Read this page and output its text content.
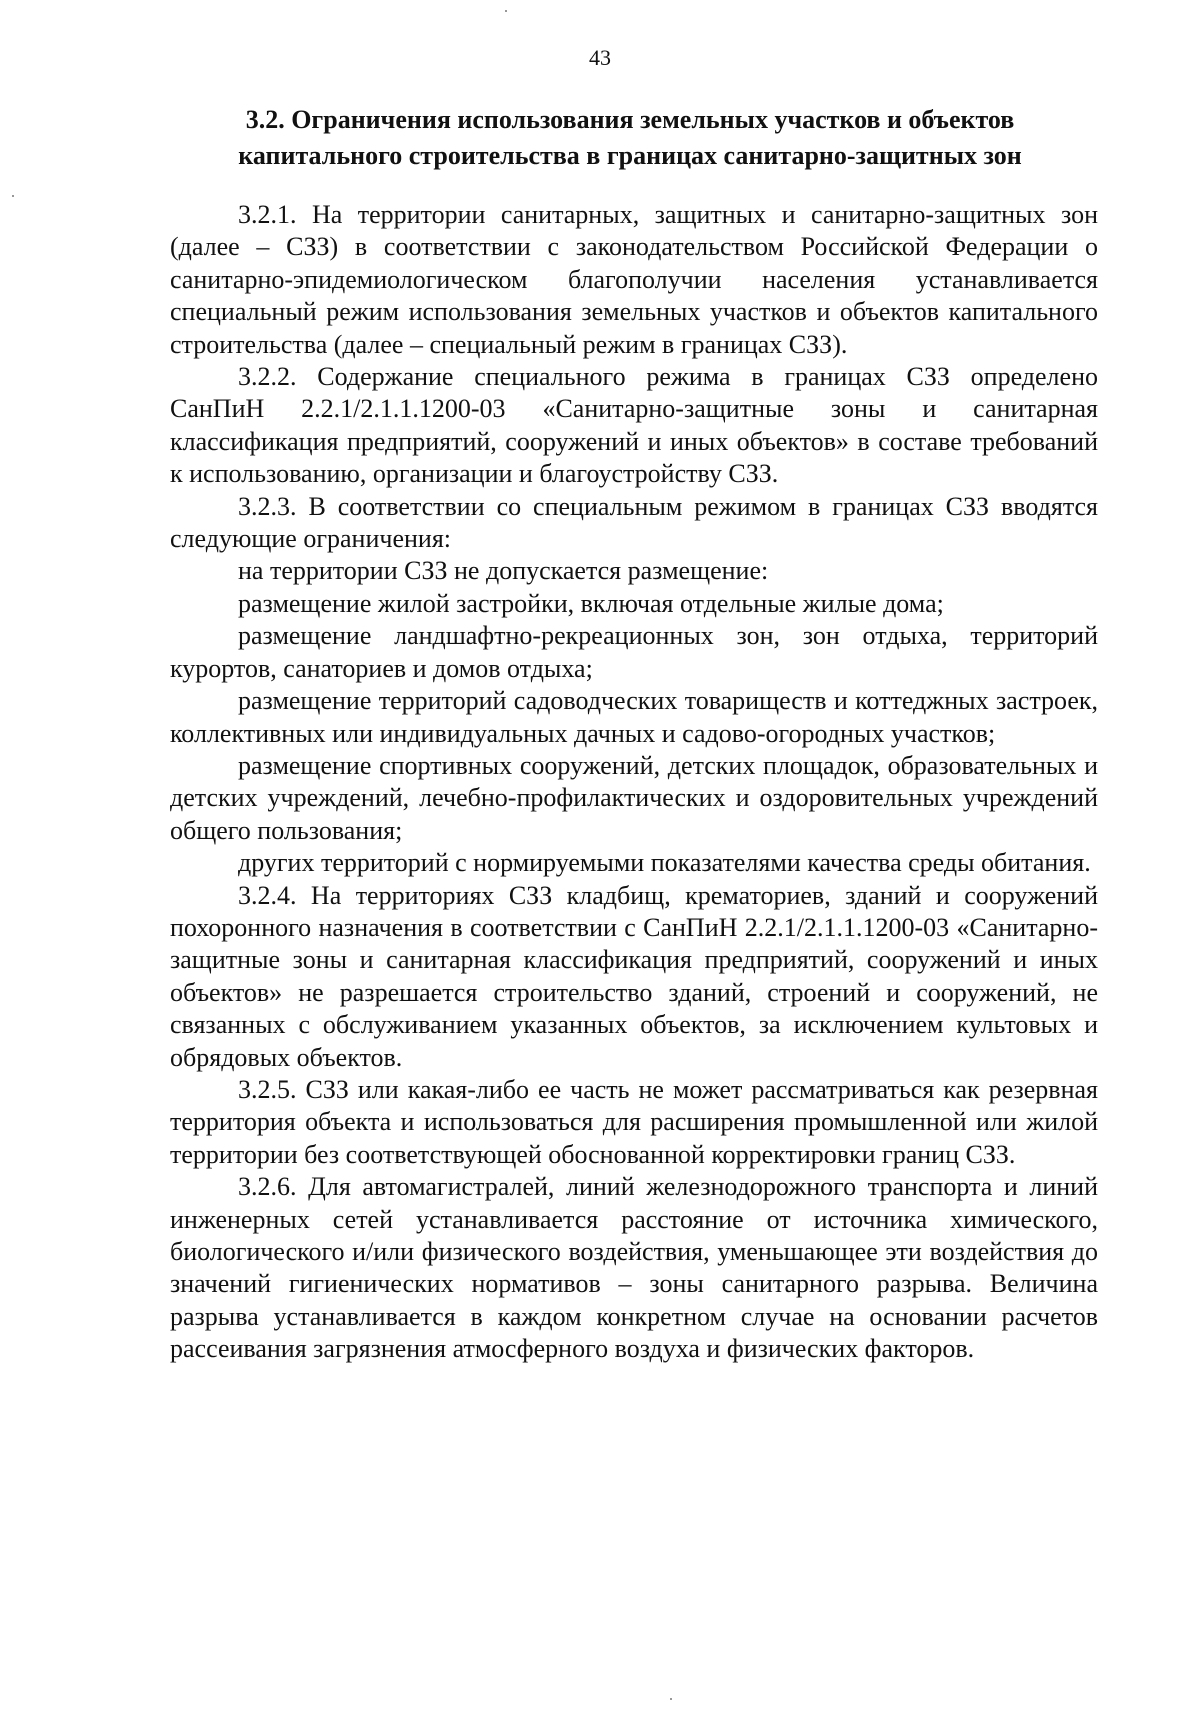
43
3.2. Ограничения использования земельных участков и объектов капитального строительства в границах санитарно-защитных зон

3.2.1. На территории санитарных, защитных и санитарно-защитных зон (далее – СЗЗ) в соответствии с законодательством Российской Федерации о санитарно-эпидемиологическом благополучии населения устанавливается специальный режим использования земельных участков и объектов капитального строительства (далее – специальный режим в границах СЗЗ).

3.2.2. Содержание специального режима в границах СЗЗ определено СанПиН 2.2.1/2.1.1.1200-03 «Санитарно-защитные зоны и санитарная классификация предприятий, сооружений и иных объектов» в составе требований к использованию, организации и благоустройству СЗЗ.

3.2.3. В соответствии со специальным режимом в границах СЗЗ вводятся следующие ограничения:

на территории СЗЗ не допускается размещение:

размещение жилой застройки, включая отдельные жилые дома;

размещение ландшафтно-рекреационных зон, зон отдыха, территорий курортов, санаториев и домов отдыха;

размещение территорий садоводческих товариществ и коттеджных застроек, коллективных или индивидуальных дачных и садово-огородных участков;

размещение спортивных сооружений, детских площадок, образовательных и детских учреждений, лечебно-профилактических и оздоровительных учреждений общего пользования;

других территорий с нормируемыми показателями качества среды обитания.

3.2.4. На территориях СЗЗ кладбищ, крематориев, зданий и сооружений похоронного назначения в соответствии с СанПиН 2.2.1/2.1.1.1200-03 «Санитарно-защитные зоны и санитарная классификация предприятий, сооружений и иных объектов» не разрешается строительство зданий, строений и сооружений, не связанных с обслуживанием указанных объектов, за исключением культовых и обрядовых объектов.

3.2.5. СЗЗ или какая-либо ее часть не может рассматриваться как резервная территория объекта и использоваться для расширения промышленной или жилой территории без соответствующей обоснованной корректировки границ СЗЗ.

3.2.6. Для автомагистралей, линий железнодорожного транспорта и линий инженерных сетей устанавливается расстояние от источника химического, биологического и/или физического воздействия, уменьшающее эти воздействия до значений гигиенических нормативов – зоны санитарного разрыва. Величина разрыва устанавливается в каждом конкретном случае на основании расчетов рассеивания загрязнения атмосферного воздуха и физических факторов.
